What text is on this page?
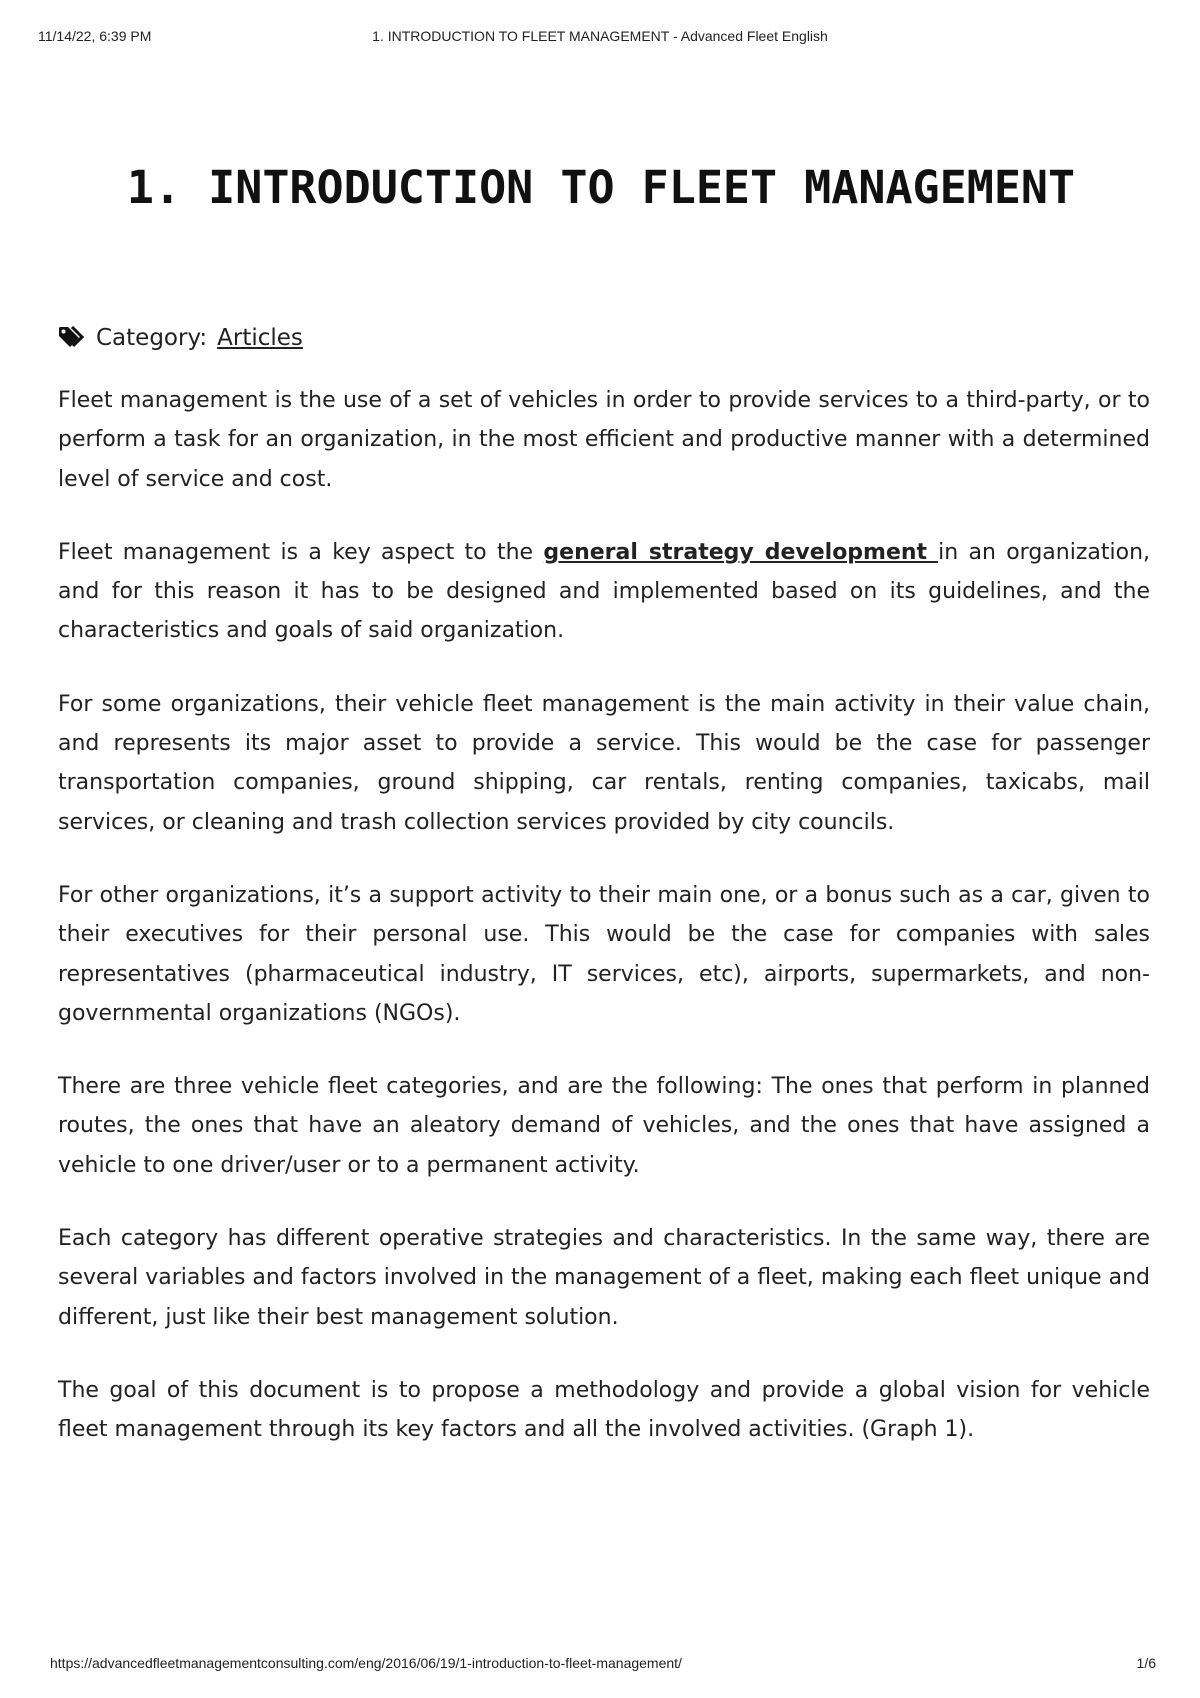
11/14/22, 6:39 PM	1. INTRODUCTION TO FLEET MANAGEMENT - Advanced Fleet English
1. INTRODUCTION TO FLEET MANAGEMENT
Category: Articles

Fleet management is the use of a set of vehicles in order to provide services to a third-party, or to perform a task for an organization, in the most efficient and productive manner with a determined level of service and cost.

Fleet management is a key aspect to the general strategy development in an organization, and for this reason it has to be designed and implemented based on its guidelines, and the characteristics and goals of said organization.

For some organizations, their vehicle fleet management is the main activity in their value chain, and represents its major asset to provide a service. This would be the case for passenger transportation companies, ground shipping, car rentals, renting companies, taxicabs, mail services, or cleaning and trash collection services provided by city councils.

For other organizations, it’s a support activity to their main one, or a bonus such as a car, given to their executives for their personal use. This would be the case for companies with sales representatives (pharmaceutical industry, IT services, etc), airports, supermarkets, and non-governmental organizations (NGOs).

There are three vehicle fleet categories, and are the following: The ones that perform in planned routes, the ones that have an aleatory demand of vehicles, and the ones that have assigned a vehicle to one driver/user or to a permanent activity.

Each category has different operative strategies and characteristics. In the same way, there are several variables and factors involved in the management of a fleet, making each fleet unique and different, just like their best management solution.

The goal of this document is to propose a methodology and provide a global vision for vehicle fleet management through its key factors and all the involved activities. (Graph 1).

https://advancedfleetmanagementconsulting.com/eng/2016/06/19/1-introduction-to-fleet-management/	1/6
